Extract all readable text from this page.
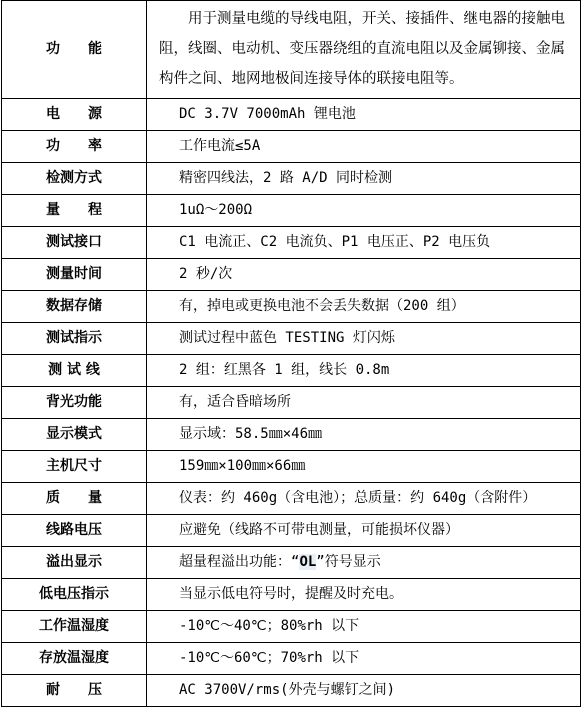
功　　能	　　用于测量电缆的导线电阻，开关、接插件、继电器的接触电阻，线圈、电动机、变压器绕组的直流电阻以及金属铆接、金属构件之间、地网地极间连接导体的联接电阻等。
电　　源	DC 3.7V 7000mAh 锂电池
功　　率	工作电流≤5A
检测方式	精密四线法，2 路 A/D 同时检测
量　　程	1uΩ～200Ω
测试接口	C1 电流正、C2 电流负、P1 电压正、P2 电压负
测量时间	2 秒/次
数据存储	有，掉电或更换电池不会丢失数据（200 组）
测试指示	测试过程中蓝色 TESTING 灯闪烁
测 试 线	2 组：红黑各 1 组，线长 0.8m
背光功能	有，适合昏暗场所
显示模式	显示域：58.5㎜×46㎜
主机尺寸	159㎜×100㎜×66㎜
质　　量	仪表：约 460g（含电池）；总质量：约 640g（含附件）
线路电压	应避免（线路不可带电测量，可能损坏仪器）
溢出显示	超量程溢出功能：“OL”符号显示
低电压指示	当显示低电符号时，提醒及时充电。
工作温湿度	-10℃～40℃；80%rh 以下
存放温湿度	-10℃～60℃；70%rh 以下
耐　　压	AC 3700V/rms(外壳与螺钉之间)
